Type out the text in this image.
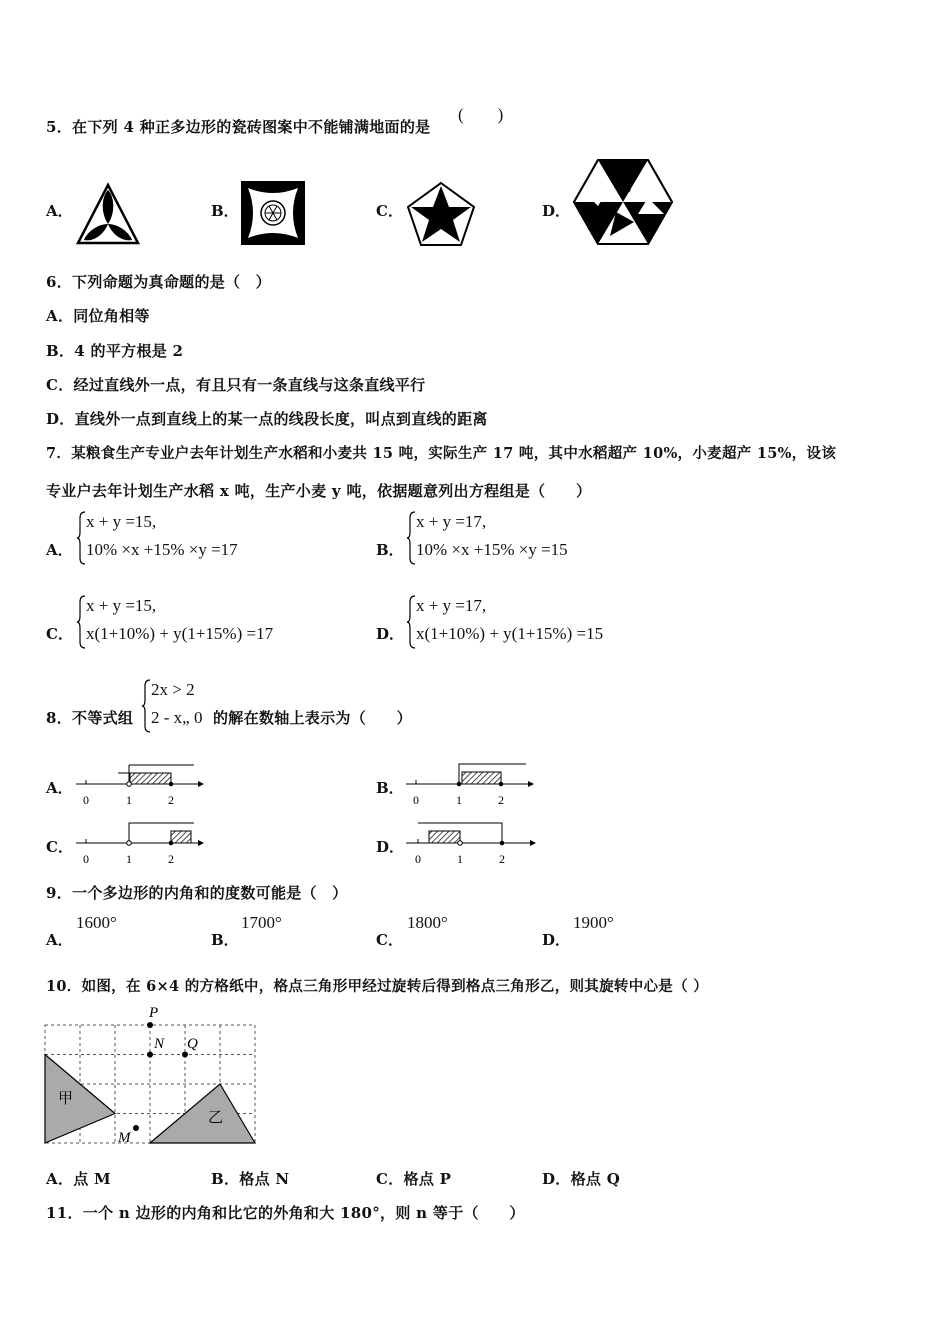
5．在下列 4 种正多边形的瓷砖图案中不能铺满地面的是
(　　)
A．	B．	C．	D．
6．下列命题为真命题的是（　）
A．同位角相等
B．4 的平方根是 2
C．经过直线外一点，有且只有一条直线与这条直线平行
D．直线外一点到直线上的某一点的线段长度，叫点到直线的距离
7．某粮食生产专业户去年计划生产水稻和小麦共 15 吨，实际生产 17 吨，其中水稻超产 10%，小麦超产 15%，设该
专业户去年计划生产水稻 x 吨，生产小麦 y 吨，依据题意列出方程组是（　　）
A．
x + y =15,
10% ×x +15% ×y =17	B．
x + y =17,
10% ×x +15% ×y =15
C．
x + y =15,
x(1+10%) + y(1+15%) =17	D．
x + y =17,
x(1+10%) + y(1+15%) =15
8．不等式组
2x > 2
2 - x„ 0 的解在数轴上表示为（　　）
A．
0	1	2
B．
0	1	2
C．
0	1	2
D．
0	1	2
9．一个多边形的内角和的度数可能是（　）
A．
1600°
B．
1700°
C．
1800°
D．
1900°
10．如图，在 6×4 的方格纸中，格点三角形甲经过旋转后得到格点三角形乙，则其旋转中心是（ ）
甲
乙
P
N Q
M
A．点 M	B．格点 N	C．格点 P	D．格点 Q
11．一个 n 边形的内角和比它的外角和大 180°，则 n 等于（　　）
